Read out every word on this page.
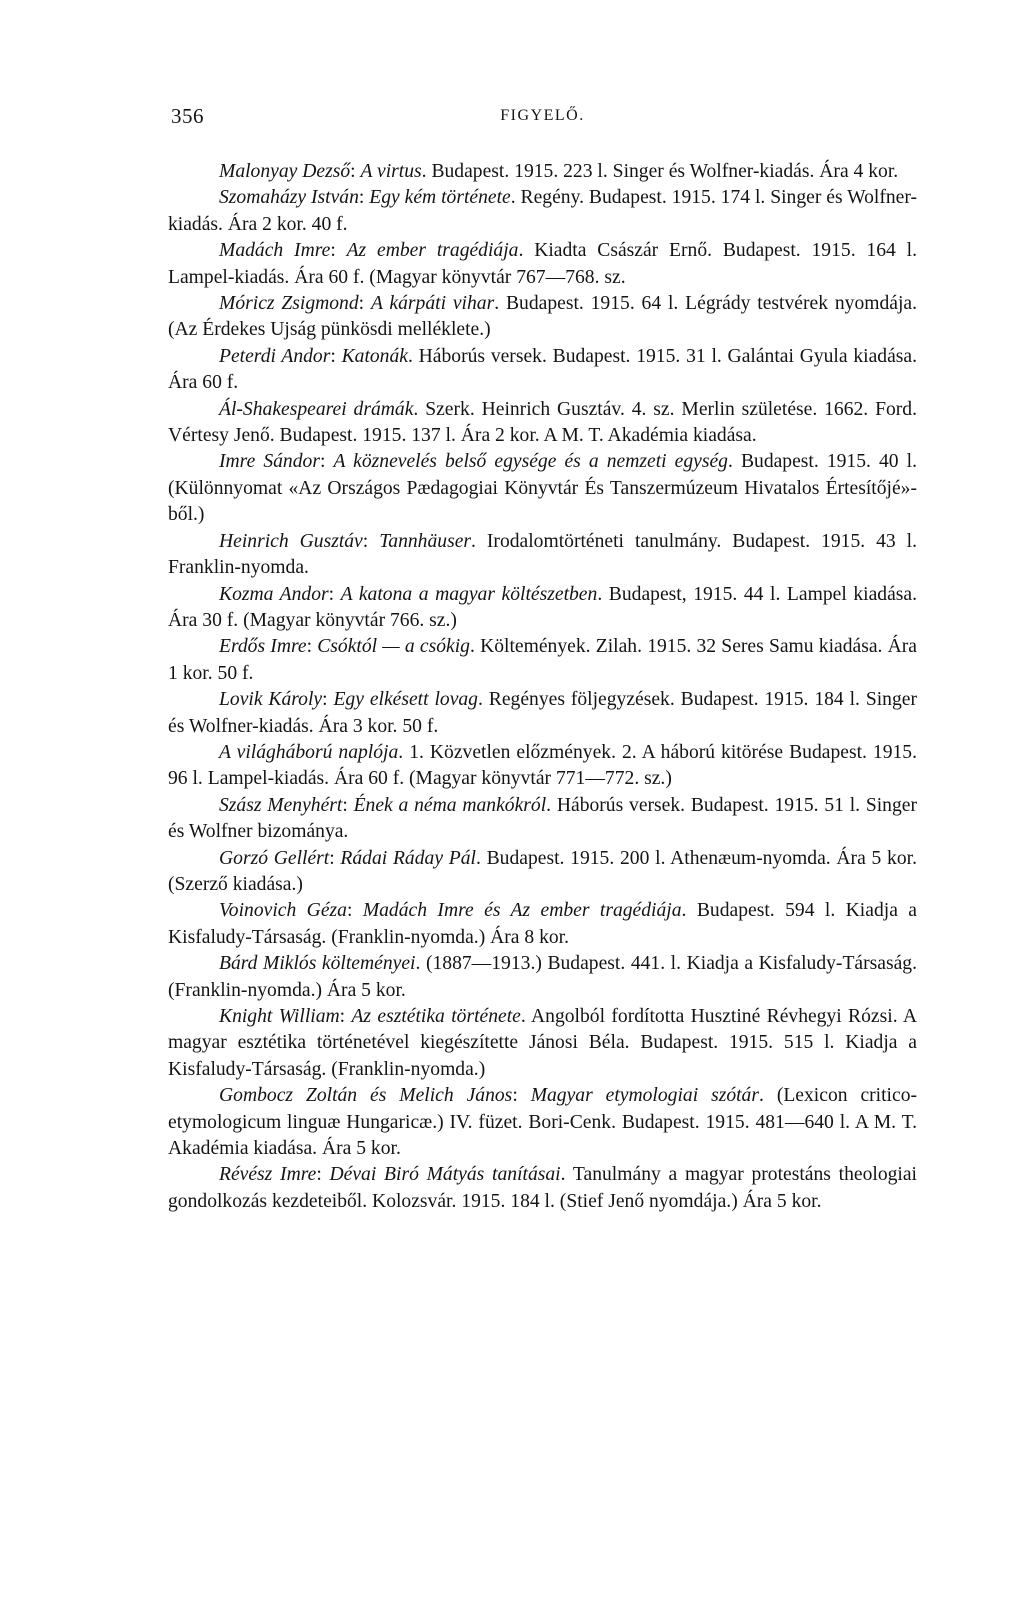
356	FIGYELŐ.

Malonyay Dezső: A virtus. Budapest. 1915. 223 l. Singer és Wolfner-kiadás. Ára 4 kor.

Szomaházy István: Egy kém története. Regény. Budapest. 1915. 174 l. Singer és Wolfner-kiadás. Ára 2 kor. 40 f.

Madách Imre: Az ember tragédiája. Kiadta Császár Ernő. Budapest. 1915. 164 l. Lampel-kiadás. Ára 60 f. (Magyar könyvtár 767—768. sz.

Móricz Zsigmond: A kárpáti vihar. Budapest. 1915. 64 l. Légrády testvérek nyomdája. (Az Érdekes Ujság pünkösdi melléklete.)

Peterdi Andor: Katonák. Háborús versek. Budapest. 1915. 31 l. Galántai Gyula kiadása. Ára 60 f.

Ál-Shakespearei drámák. Szerk. Heinrich Gusztáv. 4. sz. Merlin születése. 1662. Ford. Vértesy Jenő. Budapest. 1915. 137 l. Ára 2 kor. A M. T. Akadémia kiadása.

Imre Sándor: A köznevelés belső egysége és a nemzeti egység. Budapest. 1915. 40 l. (Különnyomat «Az Országos Pædagogiai Könyvtár És Tanszermúzeum Hivatalos Értesítőjé»-ből.)

Heinrich Gusztáv: Tannhäuser. Irodalomtörténeti tanulmány. Budapest. 1915. 43 l. Franklin-nyomda.

Kozma Andor: A katona a magyar költészetben. Budapest, 1915. 44 l. Lampel kiadása. Ára 30 f. (Magyar könyvtár 766. sz.)

Erdős Imre: Csóktól — a csókig. Költemények. Zilah. 1915. 32 Seres Samu kiadása. Ára 1 kor. 50 f.

Lovik Károly: Egy elkésett lovag. Regényes följegyzések. Budapest. 1915. 184 l. Singer és Wolfner-kiadás. Ára 3 kor. 50 f.

A világháború naplója. 1. Közvetlen előzmények. 2. A háború kitörése Budapest. 1915. 96 l. Lampel-kiadás. Ára 60 f. (Magyar könyvtár 771—772. sz.)

Szász Menyhért: Ének a néma mankókról. Háborús versek. Budapest. 1915. 51 l. Singer és Wolfner bizománya.

Gorzó Gellért: Rádai Ráday Pál. Budapest. 1915. 200 l. Athenæum-nyomda. Ára 5 kor. (Szerző kiadása.)

Voinovich Géza: Madách Imre és Az ember tragédiája. Budapest. 594 l. Kiadja a Kisfaludy-Társaság. (Franklin-nyomda.) Ára 8 kor.

Bárd Miklós költeményei. (1887—1913.) Budapest. 441. l. Kiadja a Kisfaludy-Társaság. (Franklin-nyomda.) Ára 5 kor.

Knight William: Az esztétika története. Angolból fordította Husztiné Révhegyi Rózsi. A magyar esztétika történetével kiegészítette Jánosi Béla. Budapest. 1915. 515 l. Kiadja a Kisfaludy-Társaság. (Franklin-nyomda.)

Gombocz Zoltán és Melich János: Magyar etymologiai szótár. (Lexicon critico-etymologicum linguæ Hungaricæ.) IV. füzet. Bori-Cenk. Budapest. 1915. 481—640 l. A M. T. Akadémia kiadása. Ára 5 kor.

Révész Imre: Dévai Biró Mátyás tanításai. Tanulmány a magyar protestáns theologiai gondolkozás kezdeteiből. Kolozsvár. 1915. 184 l. (Stief Jenő nyomdája.) Ára 5 kor.
